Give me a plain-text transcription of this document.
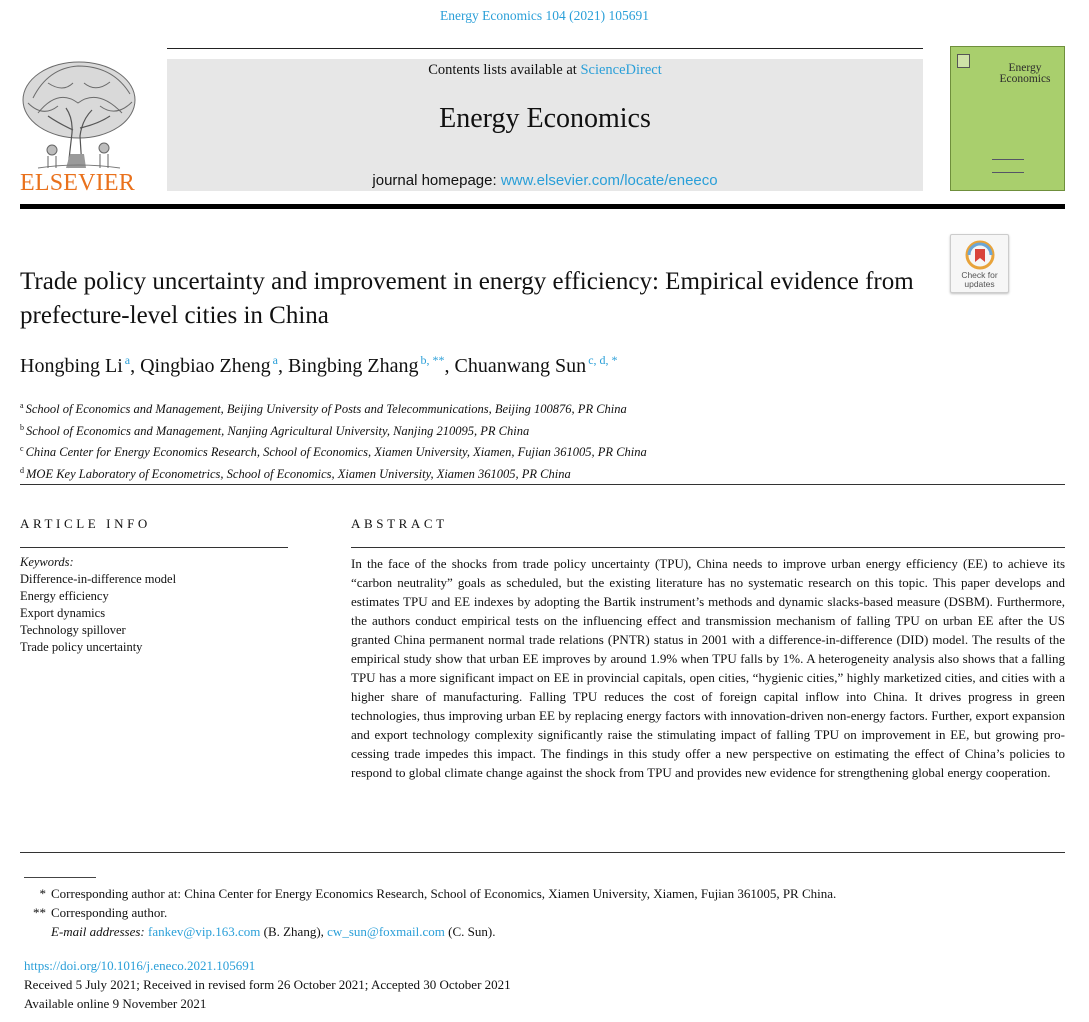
Energy Economics 104 (2021) 105691
ELSEVIER
Contents lists available at ScienceDirect
Energy Economics
journal homepage: www.elsevier.com/locate/eneeco
Energy
Economics
Check for
updates
Trade policy uncertainty and improvement in energy efficiency: Empirical evidence from prefecture-level cities in China
Hongbing Li $^a$, Qingbiao Zheng $^a$, Bingbing Zhang $^{b, **}$, Chuanwang Sun $^{c, d, *}$
$^a$ School of Economics and Management, Beijing University of Posts and Telecommunications, Beijing 100876, PR China
$^b$ School of Economics and Management, Nanjing Agricultural University, Nanjing 210095, PR China
$^c$ China Center for Energy Economics Research, School of Economics, Xiamen University, Xiamen, Fujian 361005, PR China
$^d$ MOE Key Laboratory of Econometrics, School of Economics, Xiamen University, Xiamen 361005, PR China
ARTICLE INFO	ABSTRACT
Keywords:
Difference-in-difference model
Energy efficiency
Export dynamics
Technology spillover
Trade policy uncertainty

In the face of the shocks from trade policy uncertainty (TPU), China needs to improve urban energy efficiency (EE) to achieve its “carbon neutrality” goals as scheduled, but the existing literature has no systematic research on this topic. This paper develops and estimates TPU and EE indexes by adopting the Bartik instrument’s methods and dynamic slacks-based measure (DSBM). Furthermore, the authors conduct empirical tests on the influencing effect and transmission mechanism of falling TPU on urban EE after the US granted China permanent normal trade relations (PNTR) status in 2001 with a difference-in-difference (DID) model. The results of the empirical study show that urban EE improves by around 1.9% when TPU falls by 1%. A heterogeneity analysis also shows that a falling TPU has a more significant impact on EE in provincial capitals, open cities, “hygienic cities,” highly marketized cities, and cities with a higher share of manufacturing. Falling TPU reduces the cost of foreign capital inflow into China. It drives progress in green technologies, thus improving urban EE by replacing energy factors with innovation-driven non-energy factors. Further, export expansion and export technology complexity significantly raise the stimulating impact of falling TPU on improvement in EE, but growing processing trade impedes this impact. The findings in this study offer a new perspective on estimating the effect of China’s policies to respond to global climate change against the shock from TPU and provides new evidence for strengthening global energy cooperation.

* Corresponding author at: China Center for Energy Economics Research, School of Economics, Xiamen University, Xiamen, Fujian 361005, PR China.
** Corresponding author.
E-mail addresses: fankev@vip.163.com (B. Zhang), cw_sun@foxmail.com (C. Sun).
https://doi.org/10.1016/j.eneco.2021.105691
Received 5 July 2021; Received in revised form 26 October 2021; Accepted 30 October 2021
Available online 9 November 2021
